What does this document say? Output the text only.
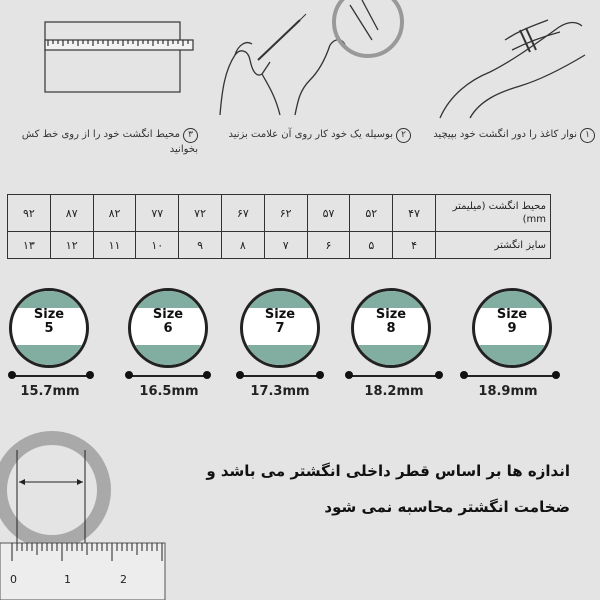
۳محیط انگشت خود را از روی خط کش بخوانید
۲بوسیله یک خود کار روی آن علامت بزنید	۱نوار کاغذ را دور انگشت خود بپیچید
۹۲	۸۷	۸۲	۷۷	۷۲	۶۷	۶۲	۵۷	۵۲	۴۷	محیط انگشت (میلیمتر mm)
۱۳	۱۲	۱۱	۱۰	۹	۸	۷	۶	۵	۴	سایز انگشتر
Size
5
Size
6
Size
7
Size
8
Size
9
15.7mm	16.5mm	17.3mm	18.2mm	18.9mm
0	1	2
اندازه ها بر اساس قطر داخلی انگشتر می باشد و
ضخامت انگشتر محاسبه نمی شود
